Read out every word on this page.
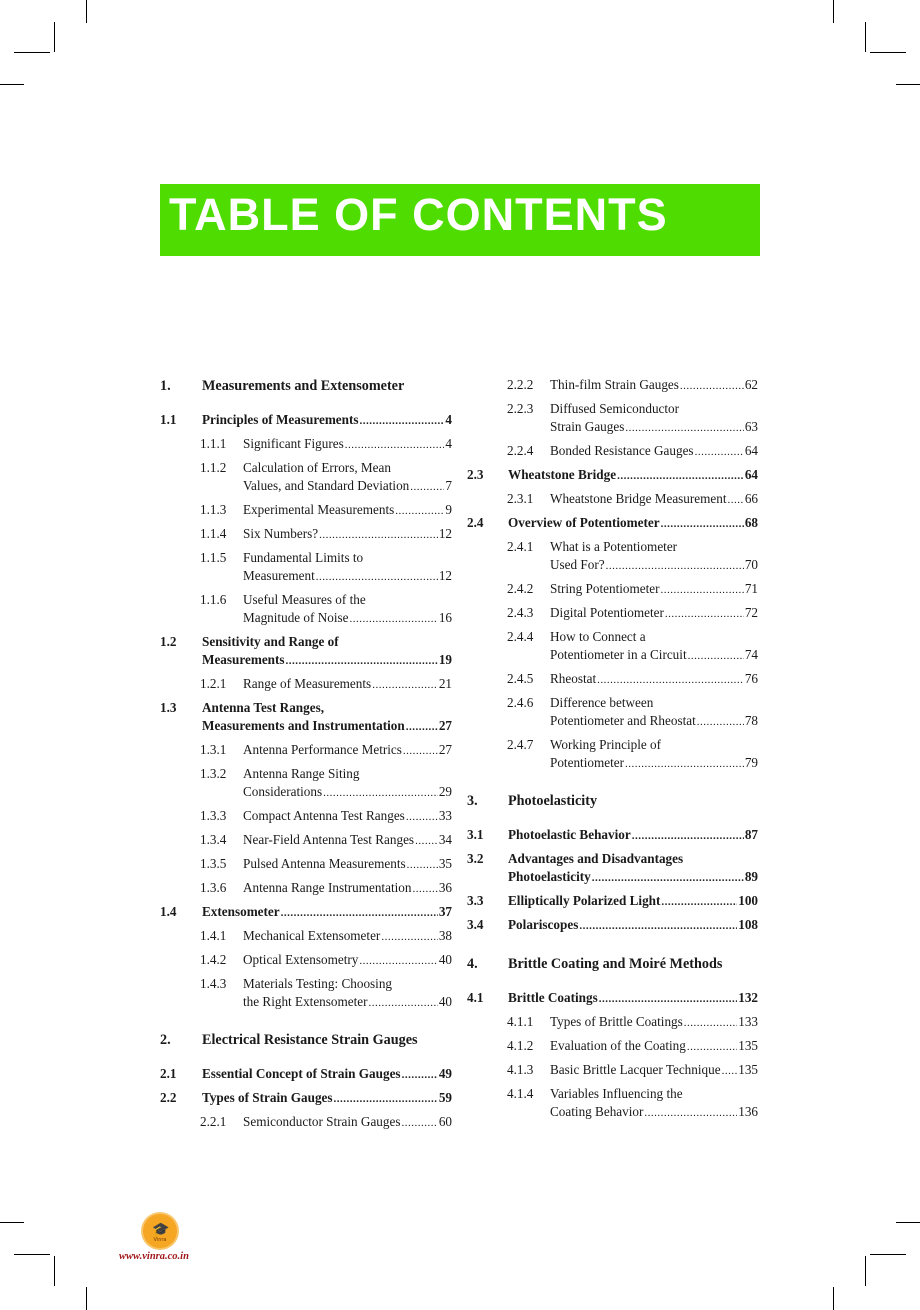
TABLE OF CONTENTS
1. Measurements and Extensometer
1.1 Principles of Measurements .....	4
1.1.1 Significant Figures .....	4
1.1.2 Calculation of Errors, Mean
Values, and Standard Deviation .....	7
1.1.3 Experimental Measurements .....	9
1.1.4 Six Numbers? .....	12
1.1.5 Fundamental Limits to
Measurement .....	12
1.1.6 Useful Measures of the
Magnitude of Noise .....	16
1.2 Sensitivity and Range of
Measurements .....	19
1.2.1 Range of Measurements .....	21
1.3 Antenna Test Ranges,
Measurements and Instrumentation .....	27
1.3.1 Antenna Performance Metrics .....	27
1.3.2 Antenna Range Siting
Considerations .....	29
1.3.3 Compact Antenna Test Ranges .....	33
1.3.4 Near-Field Antenna Test Ranges ..... 34
1.3.5 Pulsed Antenna Measurements .....	35
1.3.6 Antenna Range Instrumentation ..... 36
1.4 Extensometer .....	37
1.4.1 Mechanical Extensometer .....	38
1.4.2 Optical Extensometry .....	40
1.4.3 Materials Testing: Choosing
the Right Extensometer .....	40
2. Electrical Resistance Strain Gauges
2.1 Essential Concept of Strain Gauges .....	49
2.2 Types of Strain Gauges .....	59
2.2.1 Semiconductor Strain Gauges .....	60
2.2.2 Thin-film Strain Gauges .....	62
2.2.3 Diffused Semiconductor
Strain Gauges .....	63
2.2.4 Bonded Resistance Gauges .....	64
2.3 Wheatstone Bridge .....	64
2.3.1 Wheatstone Bridge Measurement ..... 66
2.4 Overview of Potentiometer .....	68
2.4.1 What is a Potentiometer
Used For? .....	70
2.4.2 String Potentiometer .....	71
2.4.3 Digital Potentiometer .....	72
2.4.4 How to Connect a
Potentiometer in a Circuit .....	74
2.4.5 Rheostat .....	76
2.4.6 Difference between
Potentiometer and Rheostat .....	78
2.4.7 Working Principle of
Potentiometer .....	79
3. Photoelasticity
3.1 Photoelastic Behavior .....	87
3.2 Advantages and Disadvantages
Photoelasticity .....	89
3.3 Elliptically Polarized Light .....	100
3.4 Polariscopes .....	108
4. Brittle Coating and Moiré Methods
4.1 Brittle Coatings .....	132
4.1.1 Types of Brittle Coatings .....	133
4.1.2 Evaluation of the Coating .....	135
4.1.3 Basic Brittle Lacquer Technique ..... 135
4.1.4 Variables Influencing the
Coating Behavior .....	136
🎓
Vinra
www.vinra.co.in
